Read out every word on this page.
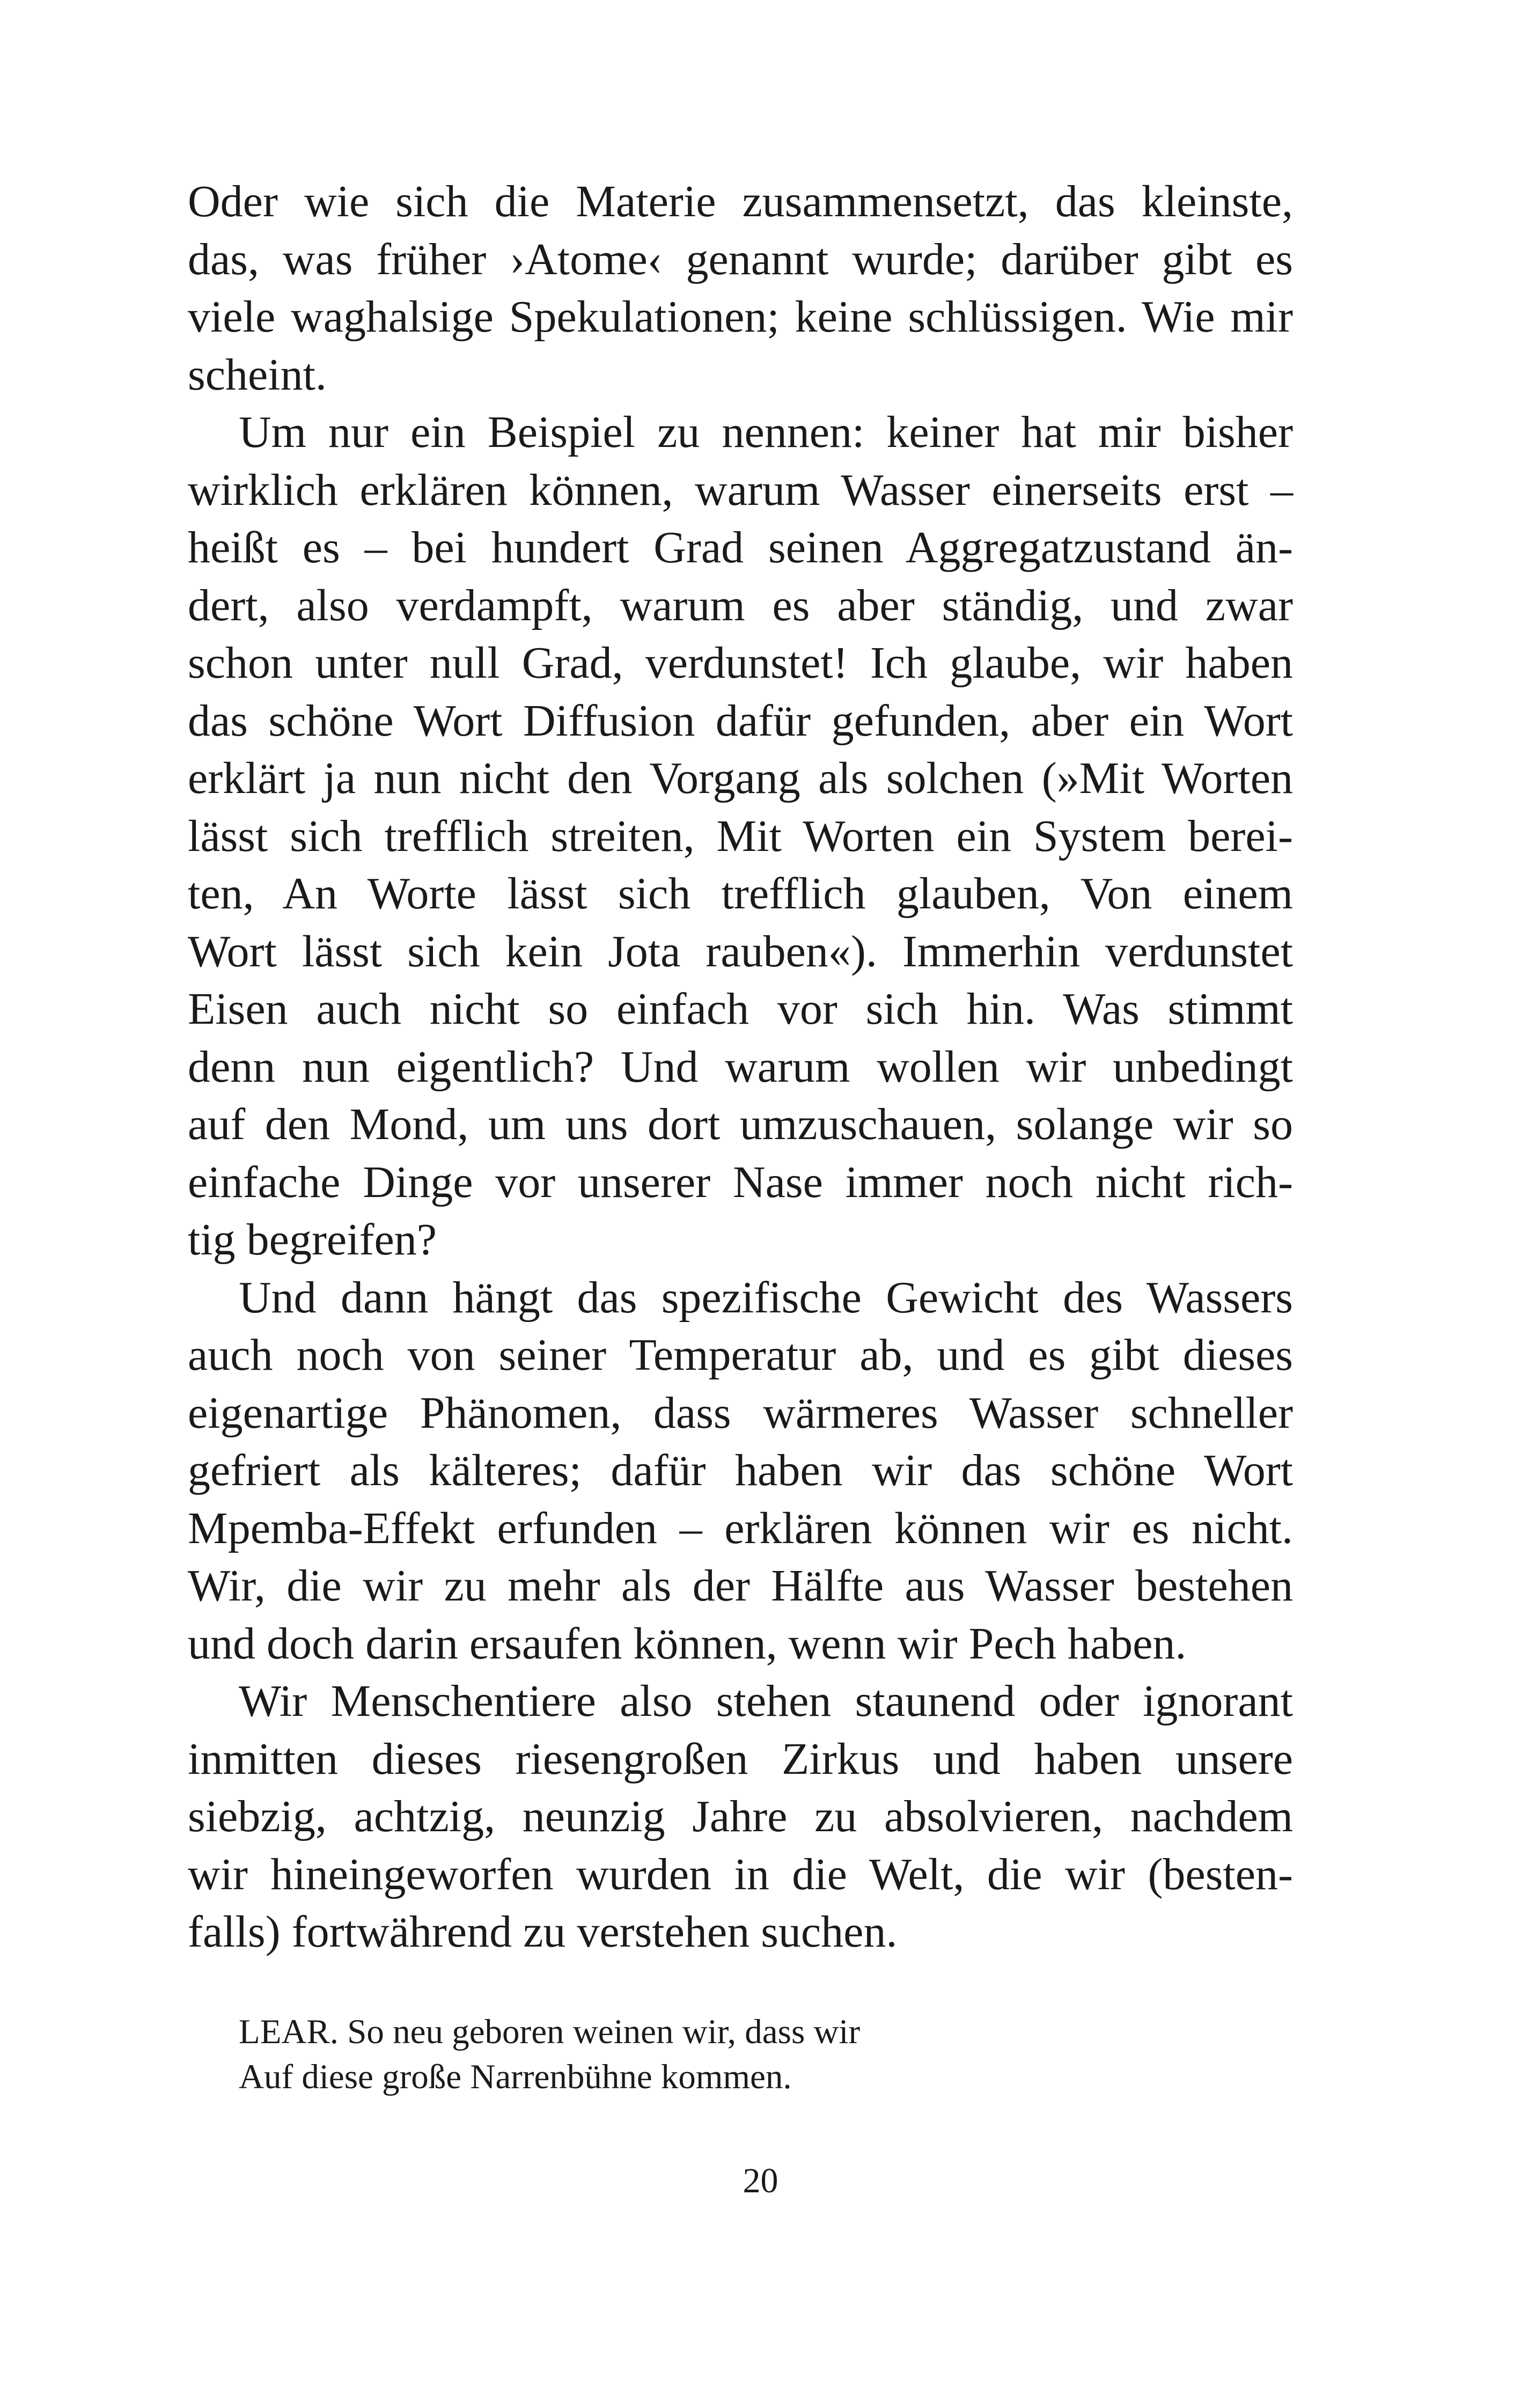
Oder wie sich die Materie zusammensetzt, das kleinste,
das, was früher ›Atome‹ genannt wurde; darüber gibt es
viele waghalsige Spekulationen; keine schlüssigen. Wie mir
scheint.
Um nur ein Beispiel zu nennen: keiner hat mir bisher
wirklich erklären können, warum Wasser einerseits erst –
heißt es – bei hundert Grad seinen Aggregatzustand än-
dert, also verdampft, warum es aber ständig, und zwar
schon unter null Grad, verdunstet! Ich glaube, wir haben
das schöne Wort Diffusion dafür gefunden, aber ein Wort
erklärt ja nun nicht den Vorgang als solchen (»Mit Worten
lässt sich trefflich streiten, Mit Worten ein System berei-
ten, An Worte lässt sich trefflich glauben, Von einem
Wort lässt sich kein Jota rauben«). Immerhin verdunstet
Eisen auch nicht so einfach vor sich hin. Was stimmt
denn nun eigentlich? Und warum wollen wir unbedingt
auf den Mond, um uns dort umzuschauen, solange wir so
einfache Dinge vor unserer Nase immer noch nicht rich-
tig begreifen?
Und dann hängt das spezifische Gewicht des Wassers
auch noch von seiner Temperatur ab, und es gibt dieses
eigenartige Phänomen, dass wärmeres Wasser schneller
gefriert als kälteres; dafür haben wir das schöne Wort
Mpemba-Effekt erfunden – erklären können wir es nicht.
Wir, die wir zu mehr als der Hälfte aus Wasser bestehen
und doch darin ersaufen können, wenn wir Pech haben.
Wir Menschentiere also stehen staunend oder ignorant
inmitten dieses riesengroßen Zirkus und haben unsere
siebzig, achtzig, neunzig Jahre zu absolvieren, nachdem
wir hineingeworfen wurden in die Welt, die wir (besten-
falls) fortwährend zu verstehen suchen.
LEAR. So neu geboren weinen wir, dass wir
Auf diese große Narrenbühne kommen.
20
